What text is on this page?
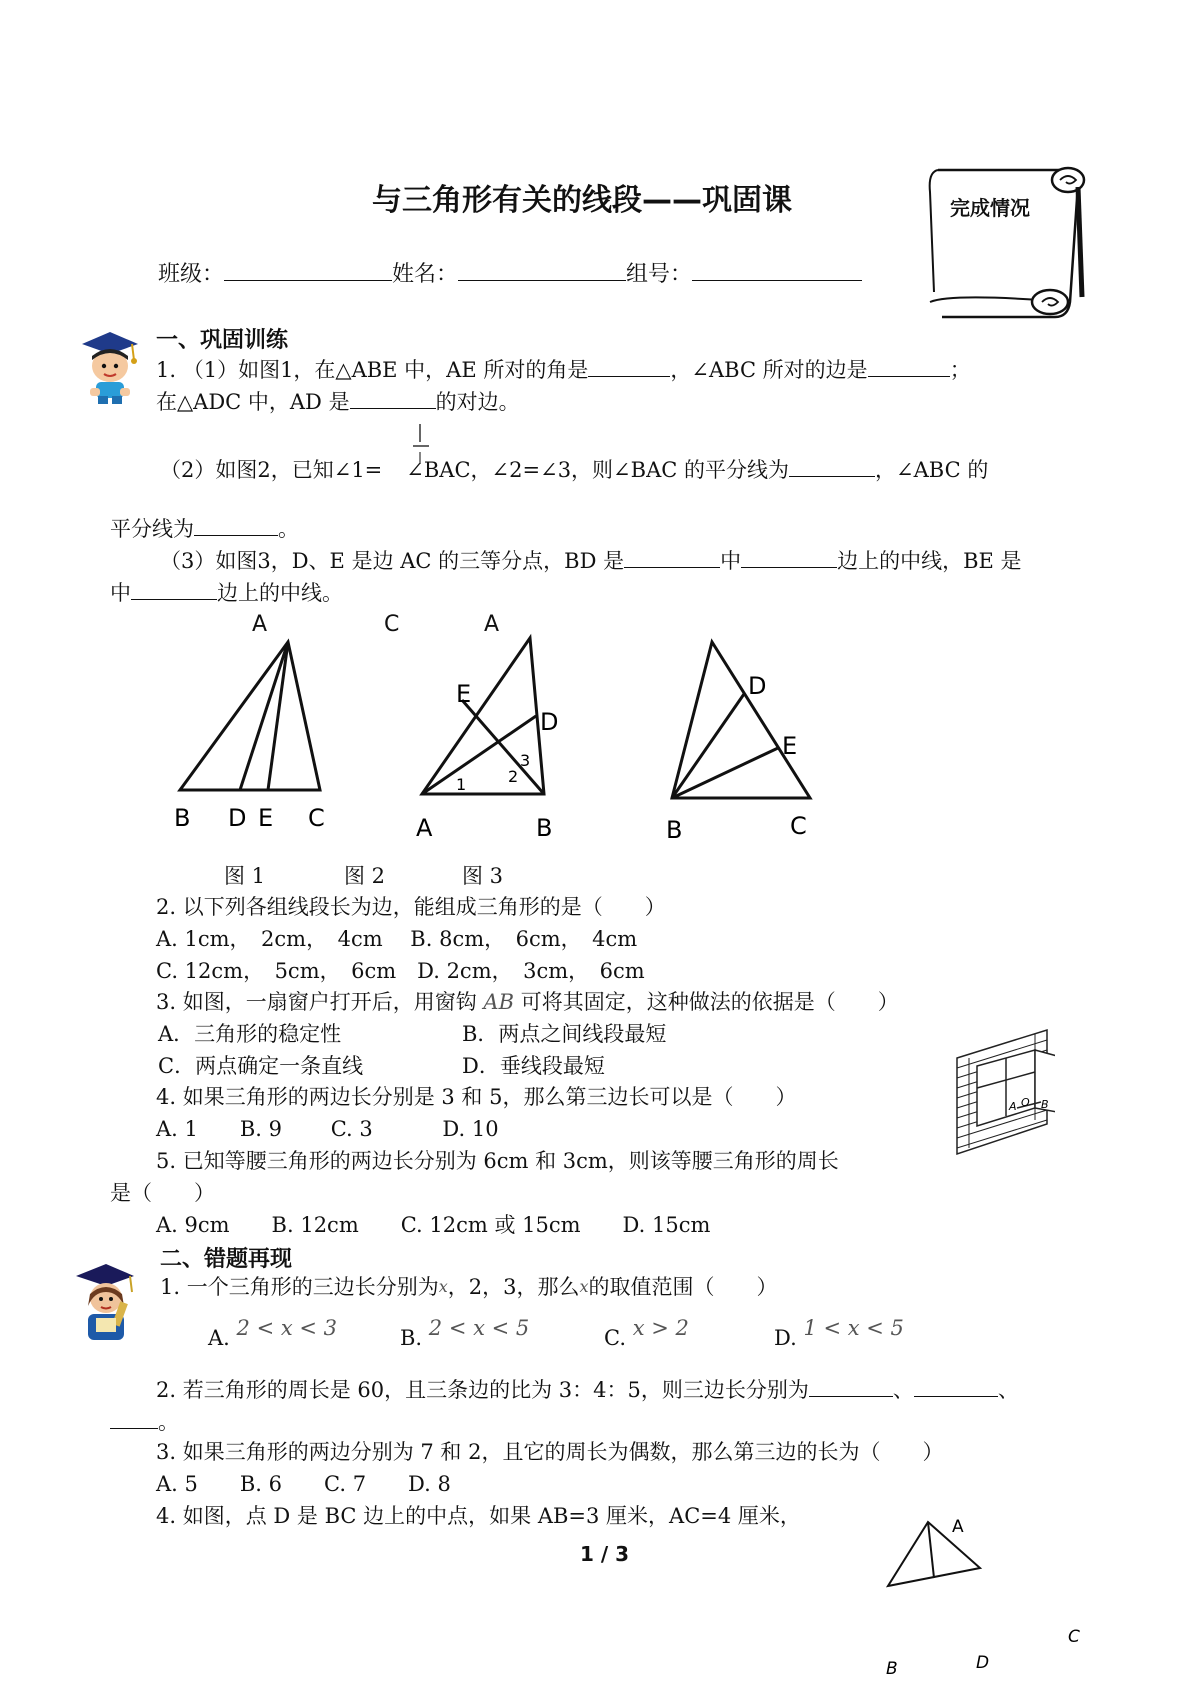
与三角形有关的线段——巩固课	完成情况
班级：	姓名：	组号：
一、巩固训练
1. （1）如图1，在△ABE 中，AE 所对的角是	，∠ABC 所对的边是	；
在△ADC 中，AD 是	的对边。
（2）如图2，已知∠1= ∠BAC，∠2=∠3，则∠BAC 的平分线为	，∠ABC 的
平分线为	。
（3）如图3，D、E 是边 AC 的三等分点，BD 是	中	边上的中线，BE 是
中	边上的中线。
A	C	A
B D E C
E
D
A	B
1	2
3
D
E
B	C
图 1	图 2	图 3
2. 以下列各组线段长为边，能组成三角形的是（　　）
A. 1cm，　2cm，　4cm　 B. 8cm，　6cm，　4cm
C. 12cm，　5cm，　6cm　D. 2cm，　3cm，　6cm
3. 如图，一扇窗户打开后，用窗钩 AB 可将其固定，这种做法的依据是（　　）
A．三角形的稳定性	B．两点之间线段最短
C．两点确定一条直线	D．垂线段最短
A O B
4. 如果三角形的两边长分别是 3 和 5，那么第三边长可以是（　　）
A. 1　　B. 9　　 C. 3　　　 D. 10
5. 已知等腰三角形的两边长分别为 6cm 和 3cm，则该等腰三角形的周长
是（　　）
A. 9cm　　B. 12cm　　C. 12cm 或 15cm　　D. 15cm
二、错题再现
1. 一个三角形的三边长分别为$^x$，2，3，那么$^x$的取值范围（　　）
A. 2 < x < 3	B. 2 < x < 5	C. x > 2	D. 1 < x < 5
2. 若三角形的周长是 60，且三条边的比为 3：4：5，则三边长分别为	、	、
。
3. 如果三角形的两边分别为 7 和 2，且它的周长为偶数，那么第三边的长为（　　）
A. 5　　B. 6　　C. 7　　D. 8
4. 如图，点 D 是 BC 边上的中点，如果 AB=3 厘米，AC=4 厘米，
1 / 3
A
B	D
C
